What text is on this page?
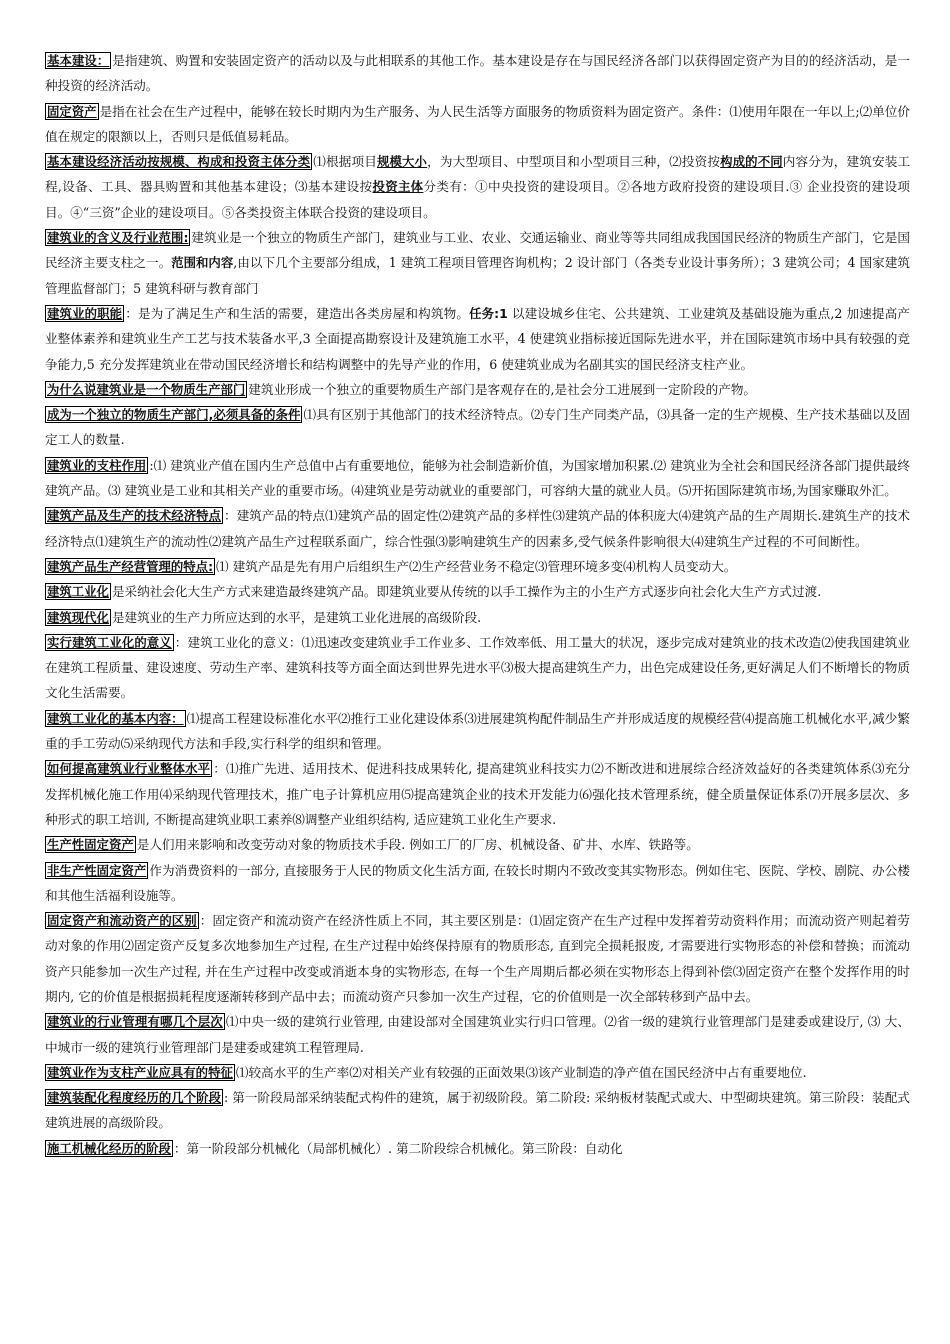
基本建设： 是指建筑、购置和安装固定资产的活动以及与此相联系的其他工作。基本建设是存在与国民经济各部门以获得固定资产为目的的经济活动，是一种投资的经济活动。

固定资产 是指在社会在生产过程中，能够在较长时期内为生产服务、为人民生活等方面服务的物质资料为固定资产。条件：⑴使用年限在一年以上;⑵单位价值在规定的限额以上，否则只是低值易耗品。

基本建设经济活动按规模、构成和投资主体分类 ⑴根据项目规模大小，为大型项目、中型项目和小型项目三种，⑵投资按构成的不同内容分为，建筑安装工程,设备、工具、器具购置和其他基本建设；⑶基本建设按投资主体分类有：①中央投资的建设项目。②各地方政府投资的建设项目.③ 企业投资的建设项目。④“三资”企业的建设项目。⑤各类投资主体联合投资的建设项目。

建筑业的含义及行业范围: 建筑业是一个独立的物质生产部门，建筑业与工业、农业、交通运输业、商业等等共同组成我国国民经济的物质生产部门，它是国民经济主要支柱之一。范围和内容,由以下几个主要部分组成，1 建筑工程项目管理咨询机构；2 设计部门（各类专业设计事务所）；3 建筑公司；4 国家建筑管理监督部门；5 建筑科研与教育部门

建筑业的职能 ：是为了满足生产和生活的需要，建造出各类房屋和构筑物。任务:1 以建设城乡住宅、公共建筑、工业建筑及基础设施为重点,2 加速提高产业整体素养和建筑业生产工艺与技术装备水平,3 全面提高勘察设计及建筑施工水平，4 使建筑业指标接近国际先进水平，并在国际建筑市场中具有较强的竞争能力,5 充分发挥建筑业在带动国民经济增长和结构调整中的先导产业的作用，6 使建筑业成为名副其实的国民经济支柱产业。

为什么说建筑业是一个物质生产部门 建筑业形成一个独立的重要物质生产部门是客观存在的,是社会分工进展到一定阶段的产物。

成为一个独立的物质生产部门,必须具备的条件 ⑴具有区别于其他部门的技术经济特点。⑵专门生产同类产品，⑶具备一定的生产规模、生产技术基础以及固定工人的数量.

建筑业的支柱作用 :⑴ 建筑业产值在国内生产总值中占有重要地位，能够为社会制造新价值，为国家增加积累.⑵ 建筑业为全社会和国民经济各部门提供最终建筑产品。⑶ 建筑业是工业和其相关产业的重要市场。⑷建筑业是劳动就业的重要部门，可容纳大量的就业人员。⑸开拓国际建筑市场,为国家赚取外汇。

建筑产品及生产的技术经济特点 ：建筑产品的特点⑴建筑产品的固定性⑵建筑产品的多样性⑶建筑产品的体积庞大⑷建筑产品的生产周期长.建筑生产的技术经济特点⑴建筑生产的流动性⑵建筑产品生产过程联系面广，综合性强⑶影响建筑生产的因素多,受气候条件影响很大⑷建筑生产过程的不可间断性。

建筑产品生产经营管理的特点: ⑴ 建筑产品是先有用户后组织生产⑵生产经营业务不稳定⑶管理环境多变⑷机构人员变动大。

建筑工业化 是采纳社会化大生产方式来建造最终建筑产品。即建筑业要从传统的以手工操作为主的小生产方式逐步向社会化大生产方式过渡.

建筑现代化 是建筑业的生产力所应达到的水平，是建筑工业化进展的高级阶段.

实行建筑工业化的意义 ：建筑工业化的意义：⑴迅速改变建筑业手工作业多、工作效率低、用工量大的状况，逐步完成对建筑业的技术改造⑵使我国建筑业在建筑工程质量、建设速度、劳动生产率、建筑科技等方面全面达到世界先进水平⑶极大提高建筑生产力，出色完成建设任务,更好满足人们不断增长的物质文化生活需要。

建筑工业化的基本内容： ⑴提高工程建设标准化水平⑵推行工业化建设体系⑶进展建筑构配件制品生产并形成适度的规模经营⑷提高施工机械化水平,减少繁重的手工劳动⑸采纳现代方法和手段,实行科学的组织和管理。

如何提高建筑业行业整体水平 ：⑴推广先进、适用技术、促进科技成果转化, 提高建筑业科技实力⑵不断改进和进展综合经济效益好的各类建筑体系⑶充分发挥机械化施工作用⑷采纳现代管理技术，推广电子计算机应用⑸提高建筑企业的技术开发能力⑹强化技术管理系统，健全质量保证体系⑺开展多层次、多种形式的职工培训, 不断提高建筑业职工素养⑻调整产业组织结构, 适应建筑工业化生产要求.

生产性固定资产 是人们用来影响和改变劳动对象的物质技术手段. 例如工厂的厂房、机械设备、矿井、水库、铁路等。

非生产性固定资产 作为消费资料的一部分, 直接服务于人民的物质文化生活方面, 在较长时期内不致改变其实物形态。例如住宅、医院、学校、剧院、办公楼和其他生活福利设施等。

固定资产和流动资产的区别 ：固定资产和流动资产在经济性质上不同，其主要区别是：⑴固定资产在生产过程中发挥着劳动资料作用；而流动资产则起着劳动对象的作用⑵固定资产反复多次地参加生产过程, 在生产过程中始终保持原有的物质形态, 直到完全损耗报废, 才需要进行实物形态的补偿和替换；而流动资产只能参加一次生产过程, 并在生产过程中改变或消逝本身的实物形态, 在每一个生产周期后都必须在实物形态上得到补偿⑶固定资产在整个发挥作用的时期内, 它的价值是根据损耗程度逐渐转移到产品中去；而流动资产只参加一次生产过程，它的价值则是一次全部转移到产品中去。

建筑业的行业管理有哪几个层次 ⑴中央一级的建筑行业管理, 由建设部对全国建筑业实行归口管理。⑵省一级的建筑行业管理部门是建委或建设厅, ⑶ 大、中城市一级的建筑行业管理部门是建委或建筑工程管理局.

建筑业作为支柱产业应具有的特征 ⑴较高水平的生产率⑵对相关产业有较强的正面效果⑶该产业制造的净产值在国民经济中占有重要地位.

建筑装配化程度经历的几个阶段 : 第一阶段局部采纳装配式构件的建筑，属于初级阶段。第二阶段: 采纳板材装配式或大、中型砌块建筑。第三阶段：装配式建筑进展的高级阶段。

施工机械化经历的阶段 ：第一阶段部分机械化（局部机械化）. 第二阶段综合机械化。第三阶段：自动化
